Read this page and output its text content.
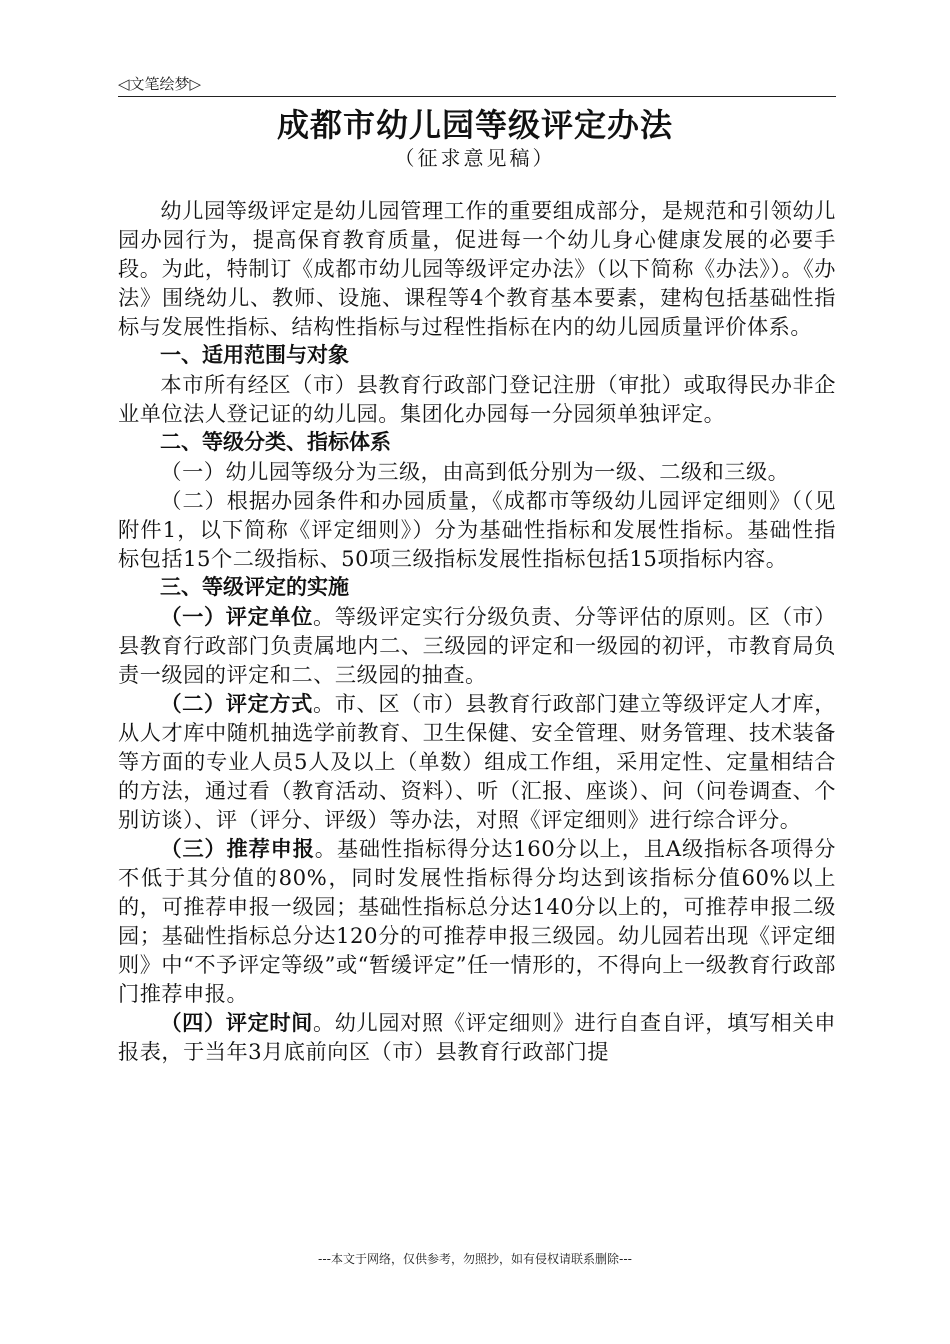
◁文笔绘梦▷
成都市幼儿园等级评定办法
（征求意见稿）

幼儿园等级评定是幼儿园管理工作的重要组成部分，是规范和引领幼儿园办园行为，提高保育教育质量，促进每一个幼儿身心健康发展的必要手段。为此，特制订《成都市幼儿园等级评定办法》（以下简称《办法》）。《办法》围绕幼儿、教师、设施、课程等4个教育基本要素，建构包括基础性指标与发展性指标、结构性指标与过程性指标在内的幼儿园质量评价体系。

一、适用范围与对象

本市所有经区（市）县教育行政部门登记注册（审批）或取得民办非企业单位法人登记证的幼儿园。集团化办园每一分园须单独评定。

二、等级分类、指标体系

（一）幼儿园等级分为三级，由高到低分别为一级、二级和三级。

（二）根据办园条件和办园质量，《成都市等级幼儿园评定细则》（（见附件1，以下简称《评定细则》）分为基础性指标和发展性指标。基础性指标包括15个二级指标、50项三级指标发展性指标包括15项指标内容。

三、等级评定的实施

（一）评定单位。等级评定实行分级负责、分等评估的原则。区（市）县教育行政部门负责属地内二、三级园的评定和一级园的初评，市教育局负责一级园的评定和二、三级园的抽查。

（二）评定方式。市、区（市）县教育行政部门建立等级评定人才库，从人才库中随机抽选学前教育、卫生保健、安全管理、财务管理、技术装备等方面的专业人员5人及以上（单数）组成工作组，采用定性、定量相结合的方法，通过看（教育活动、资料）、听（汇报、座谈）、问（问卷调查、个别访谈）、评（评分、评级）等办法，对照《评定细则》进行综合评分。

（三）推荐申报。基础性指标得分达160分以上，且A级指标各项得分不低于其分值的80%，同时发展性指标得分均达到该指标分值60%以上的，可推荐申报一级园；基础性指标总分达140分以上的，可推荐申报二级园；基础性指标总分达120分的可推荐申报三级园。幼儿园若出现《评定细则》中“不予评定等级”或“暂缓评定”任一情形的，不得向上一级教育行政部门推荐申报。

（四）评定时间。幼儿园对照《评定细则》进行自查自评，填写相关申报表，于当年3月底前向区（市）县教育行政部门提

---本文于网络，仅供参考，勿照抄，如有侵权请联系删除---
